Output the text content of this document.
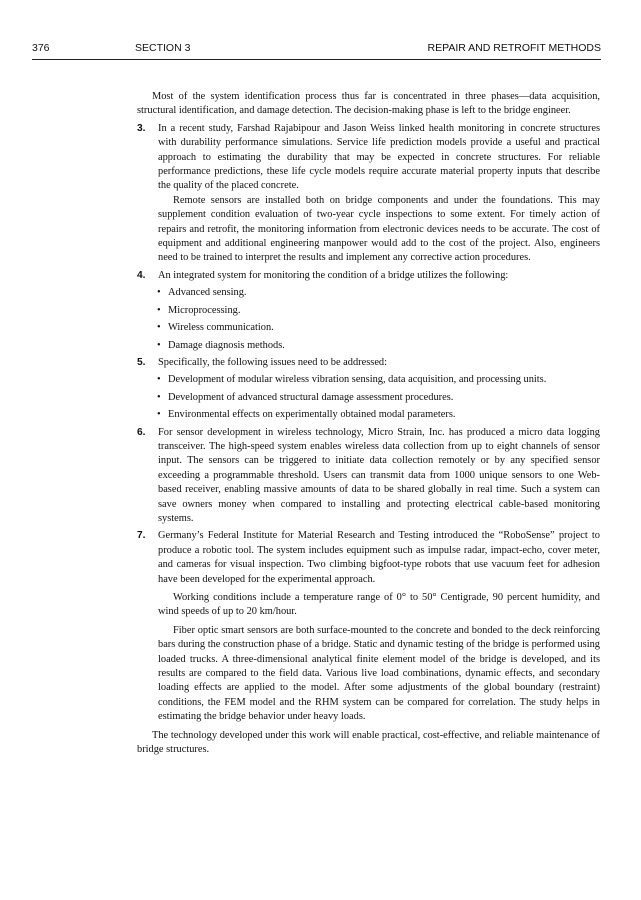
376	SECTION 3	REPAIR AND RETROFIT METHODS

Most of the system identification process thus far is concentrated in three phases—data acquisition, structural identification, and damage detection. The decision-making phase is left to the bridge engineer.

3. In a recent study, Farshad Rajabipour and Jason Weiss linked health monitoring in concrete structures with durability performance simulations. Service life prediction models provide a useful and practical approach to estimating the durability that may be expected in concrete structures. For reliable performance predictions, these life cycle models require accurate material property inputs that describe the quality of the placed concrete.

Remote sensors are installed both on bridge components and under the foundations. This may supplement condition evaluation of two-year cycle inspections to some extent. For timely action of repairs and retrofit, the monitoring information from electronic devices needs to be accurate. The cost of equipment and additional engineering manpower would add to the cost of the project. Also, engineers need to be trained to interpret the results and implement any corrective action procedures.

4. An integrated system for monitoring the condition of a bridge utilizes the following:

• Advanced sensing.

• Microprocessing.

• Wireless communication.

• Damage diagnosis methods.

5. Specifically, the following issues need to be addressed:

• Development of modular wireless vibration sensing, data acquisition, and processing units.

• Development of advanced structural damage assessment procedures.

• Environmental effects on experimentally obtained modal parameters.

6. For sensor development in wireless technology, Micro Strain, Inc. has produced a micro data logging transceiver. The high-speed system enables wireless data collection from up to eight channels of sensor input. The sensors can be triggered to initiate data collection remotely or by any specified sensor exceeding a programmable threshold. Users can transmit data from 1000 unique sensors to one Web-based receiver, enabling massive amounts of data to be shared globally in real time. Such a system can save owners money when compared to installing and protecting electrical cable-based monitoring systems.

7. Germany’s Federal Institute for Material Research and Testing introduced the “RoboSense” project to produce a robotic tool. The system includes equipment such as impulse radar, impact-echo, cover meter, and cameras for visual inspection. Two climbing bigfoot-type robots that use vacuum feet for adhesion have been developed for the experimental approach.

Working conditions include a temperature range of 0° to 50° Centigrade, 90 percent humidity, and wind speeds of up to 20 km/hour.

Fiber optic smart sensors are both surface-mounted to the concrete and bonded to the deck reinforcing bars during the construction phase of a bridge. Static and dynamic testing of the bridge is performed using loaded trucks. A three-dimensional analytical finite element model of the bridge is developed, and its results are compared to the field data. Various live load combinations, dynamic effects, and secondary loading effects are applied to the model. After some adjustments of the global boundary (restraint) conditions, the FEM model and the RHM system can be compared for correlation. The study helps in estimating the bridge behavior under heavy loads.

The technology developed under this work will enable practical, cost-effective, and reliable maintenance of bridge structures.
